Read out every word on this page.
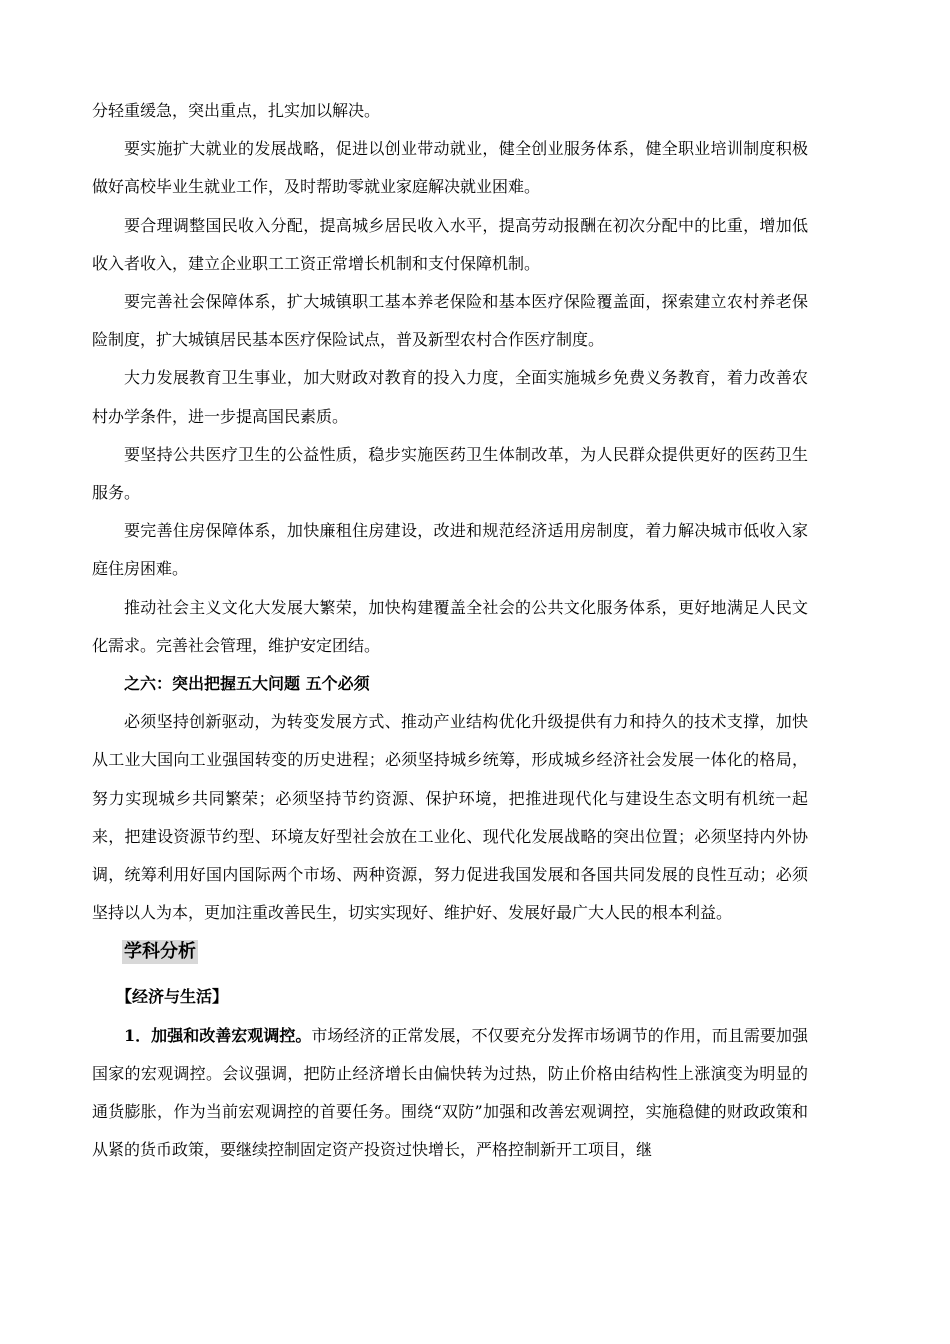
分轻重缓急，突出重点，扎实加以解决。

要实施扩大就业的发展战略，促进以创业带动就业，健全创业服务体系，健全职业培训制度积极做好高校毕业生就业工作，及时帮助零就业家庭解决就业困难。

要合理调整国民收入分配，提高城乡居民收入水平，提高劳动报酬在初次分配中的比重，增加低收入者收入，建立企业职工工资正常增长机制和支付保障机制。

要完善社会保障体系，扩大城镇职工基本养老保险和基本医疗保险覆盖面，探索建立农村养老保险制度，扩大城镇居民基本医疗保险试点，普及新型农村合作医疗制度。

大力发展教育卫生事业，加大财政对教育的投入力度，全面实施城乡免费义务教育，着力改善农村办学条件，进一步提高国民素质。

要坚持公共医疗卫生的公益性质，稳步实施医药卫生体制改革，为人民群众提供更好的医药卫生服务。

要完善住房保障体系，加快廉租住房建设，改进和规范经济适用房制度，着力解决城市低收入家庭住房困难。

推动社会主义文化大发展大繁荣，加快构建覆盖全社会的公共文化服务体系，更好地满足人民文化需求。完善社会管理，维护安定团结。

之六：突出把握五大问题 五个必须

必须坚持创新驱动，为转变发展方式、推动产业结构优化升级提供有力和持久的技术支撑，加快从工业大国向工业强国转变的历史进程；必须坚持城乡统筹，形成城乡经济社会发展一体化的格局，努力实现城乡共同繁荣；必须坚持节约资源、保护环境，把推进现代化与建设生态文明有机统一起来，把建设资源节约型、环境友好型社会放在工业化、现代化发展战略的突出位置；必须坚持内外协调，统筹利用好国内国际两个市场、两种资源，努力促进我国发展和各国共同发展的良性互动；必须坚持以人为本，更加注重改善民生，切实实现好、维护好、发展好最广大人民的根本利益。

学科分析

【经济与生活】

1．加强和改善宏观调控。市场经济的正常发展，不仅要充分发挥市场调节的作用，而且需要加强国家的宏观调控。会议强调，把防止经济增长由偏快转为过热，防止价格由结构性上涨演变为明显的通货膨胀，作为当前宏观调控的首要任务。围绕“双防”加强和改善宏观调控，实施稳健的财政政策和从紧的货币政策，要继续控制固定资产投资过快增长，严格控制新开工项目，继
